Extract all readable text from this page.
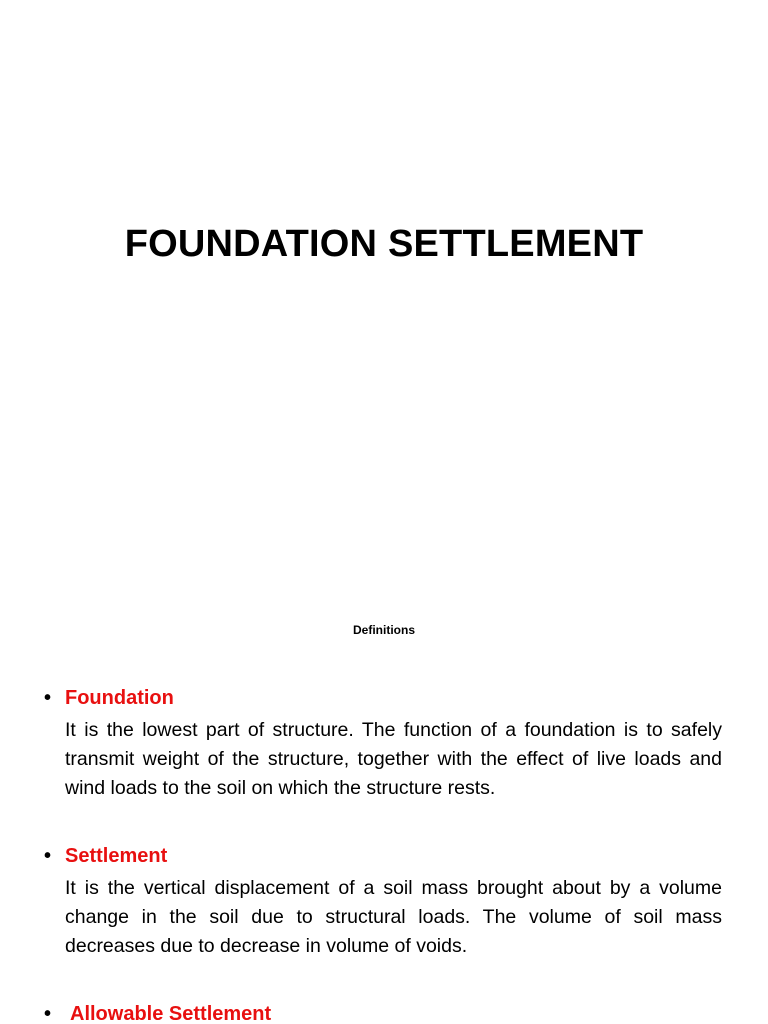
FOUNDATION SETTLEMENT
Definitions
• Foundation
It is the lowest part of structure. The function of a foundation is to safely transmit weight of the structure, together with the effect of live loads and wind loads to the soil on which the structure rests.
• Settlement
It is the vertical displacement of a soil mass brought about by a volume change in the soil due to structural loads. The volume of soil mass decreases due to decrease in volume of voids.
• Allowable Settlement
